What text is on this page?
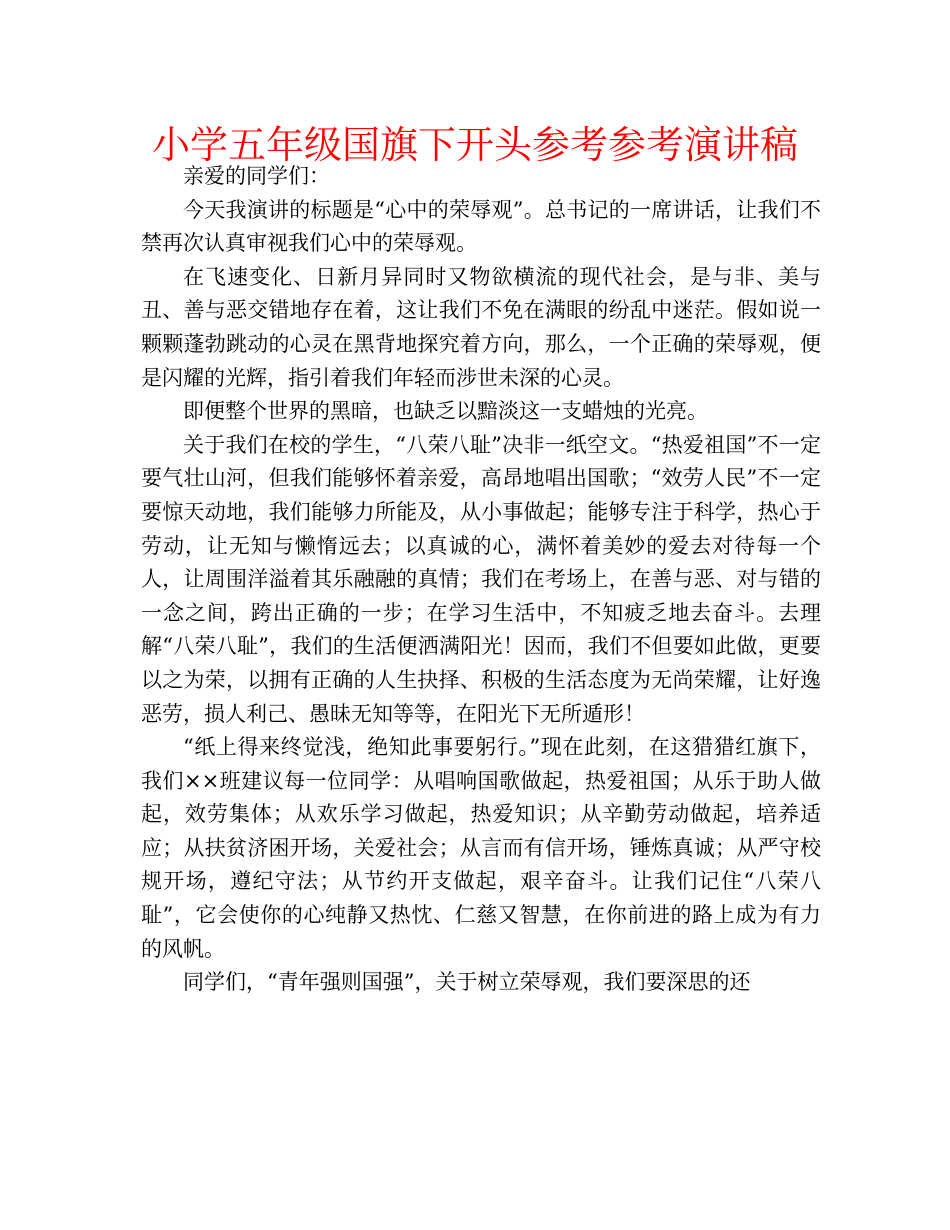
小学五年级国旗下开头参考参考演讲稿

亲爱的同学们：

今天我演讲的标题是“心中的荣辱观”。总书记的一席讲话，让我们不禁再次认真审视我们心中的荣辱观。

在飞速变化、日新月异同时又物欲横流的现代社会，是与非、美与丑、善与恶交错地存在着，这让我们不免在满眼的纷乱中迷茫。假如说一颗颗蓬勃跳动的心灵在黑背地探究着方向，那么，一个正确的荣辱观，便是闪耀的光辉，指引着我们年轻而涉世未深的心灵。

即便整个世界的黑暗，也缺乏以黯淡这一支蜡烛的光亮。

关于我们在校的学生，“八荣八耻”决非一纸空文。“热爱祖国”不一定要气壮山河，但我们能够怀着亲爱，高昂地唱出国歌；“效劳人民”不一定要惊天动地，我们能够力所能及，从小事做起；能够专注于科学，热心于劳动，让无知与懒惰远去；以真诚的心，满怀着美妙的爱去对待每一个人，让周围洋溢着其乐融融的真情；我们在考场上，在善与恶、对与错的一念之间，跨出正确的一步；在学习生活中，不知疲乏地去奋斗。去理解“八荣八耻”，我们的生活便洒满阳光！因而，我们不但要如此做，更要以之为荣，以拥有正确的人生抉择、积极的生活态度为无尚荣耀，让好逸恶劳，损人利己、愚昧无知等等，在阳光下无所遁形！

“纸上得来终觉浅，绝知此事要躬行。”现在此刻，在这猎猎红旗下，我们××班建议每一位同学：从唱响国歌做起，热爱祖国；从乐于助人做起，效劳集体；从欢乐学习做起，热爱知识；从辛勤劳动做起，培养适应；从扶贫济困开场，关爱社会；从言而有信开场，锤炼真诚；从严守校规开场，遵纪守法；从节约开支做起，艰辛奋斗。让我们记住“八荣八耻”，它会使你的心纯静又热忱、仁慈又智慧，在你前进的路上成为有力的风帆。

同学们，“青年强则国强”，关于树立荣辱观，我们要深思的还
